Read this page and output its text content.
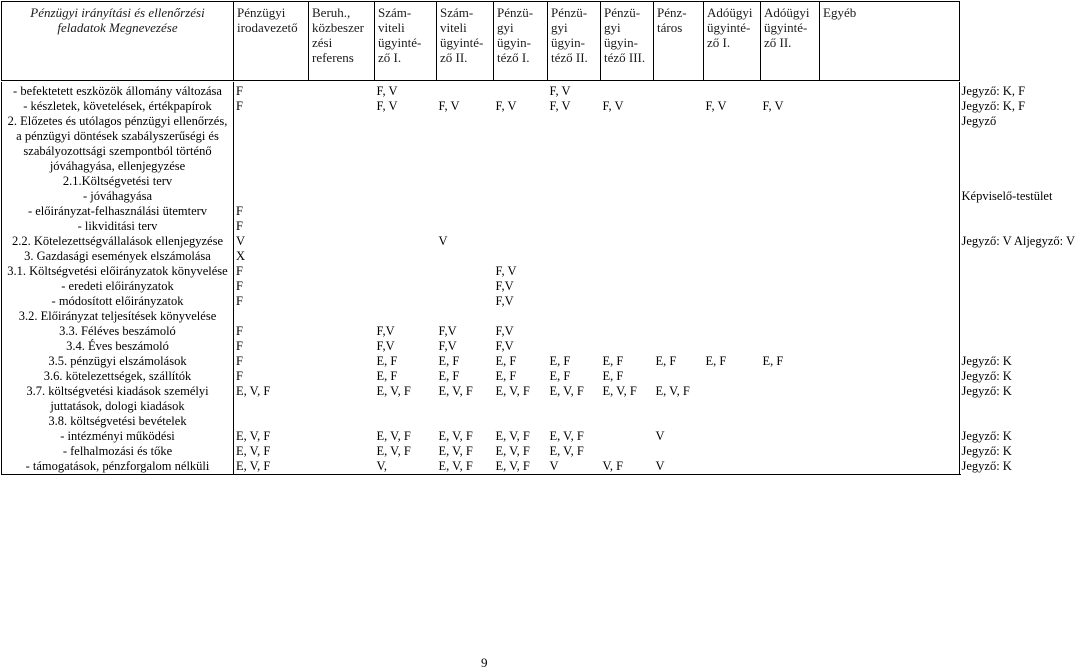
Pénzügyi irányítási és ellenőrzési feladatok Megnevezése	Pénzügyi irodavezető	Beruh., közbeszer zési referens	Szám- viteli ügyinté- ző I.	Szám- viteli ügyinté- ző II.	Pénzü- gyi ügyin- téző I.	Pénzü- gyi ügyin- téző II.	Pénzü- gyi ügyin- téző III.	Pénz- táros	Adóügyi ügyinté- ző I.	Adóügyi ügyinté- ző II.	Egyéb
- befektetett eszközök állomány változása	F		F, V			F, V						Jegyző: K, F
- készletek, követelések, értékpapírok	F		F, V	F, V	F, V	F, V	F, V		F, V	F, V		Jegyző: K, F
2. Előzetes és utólagos pénzügyi ellenőrzés, a pénzügyi döntések szabályszerűségi és szabályozottsági szempontból történő jóváhagyása, ellenjegyzése												Jegyző
2.1.Költségvetési terv												
- jóváhagyása												Képviselő-testület
- előirányzat-felhasználási ütemterv	F											
- likviditási terv	F											
2.2. Kötelezettségvállalások ellenjegyzése	V			V								Jegyző: V Aljegyző: V
3. Gazdasági események elszámolása	X											
3.1. Költségvetési előirányzatok könyvelése	F				F, V							
- eredeti előirányzatok	F				F,V							
- módosított előirányzatok	F				F,V							
3.2. Előirányzat teljesítések könyvelése												
3.3. Féléves beszámoló	F		F,V	F,V	F,V							
3.4. Éves beszámoló	F		F,V	F,V	F,V							
3.5. pénzügyi elszámolások	F		E, F	E, F	E, F	E, F	E, F	E, F	E, F	E, F		Jegyző: K
3.6. kötelezettségek, szállítók	F		E, F	E, F	E, F	E, F	E, F					Jegyző: K
3.7. költségvetési kiadások személyi juttatások, dologi kiadások	E, V, F		E, V, F	E, V, F	E, V, F	E, V, F	E, V, F	E, V, F				Jegyző: K
3.8. költségvetési bevételek												
- intézményi működési	E, V, F		E, V, F	E, V, F	E, V, F	E, V, F		V				Jegyző: K
- felhalmozási és tőke	E, V, F		E, V, F	E, V, F	E, V, F	E, V, F						Jegyző: K
- támogatások, pénzforgalom nélküli	E, V, F		V,	E, V, F	E, V, F	V	V, F	V				Jegyző: K
9
